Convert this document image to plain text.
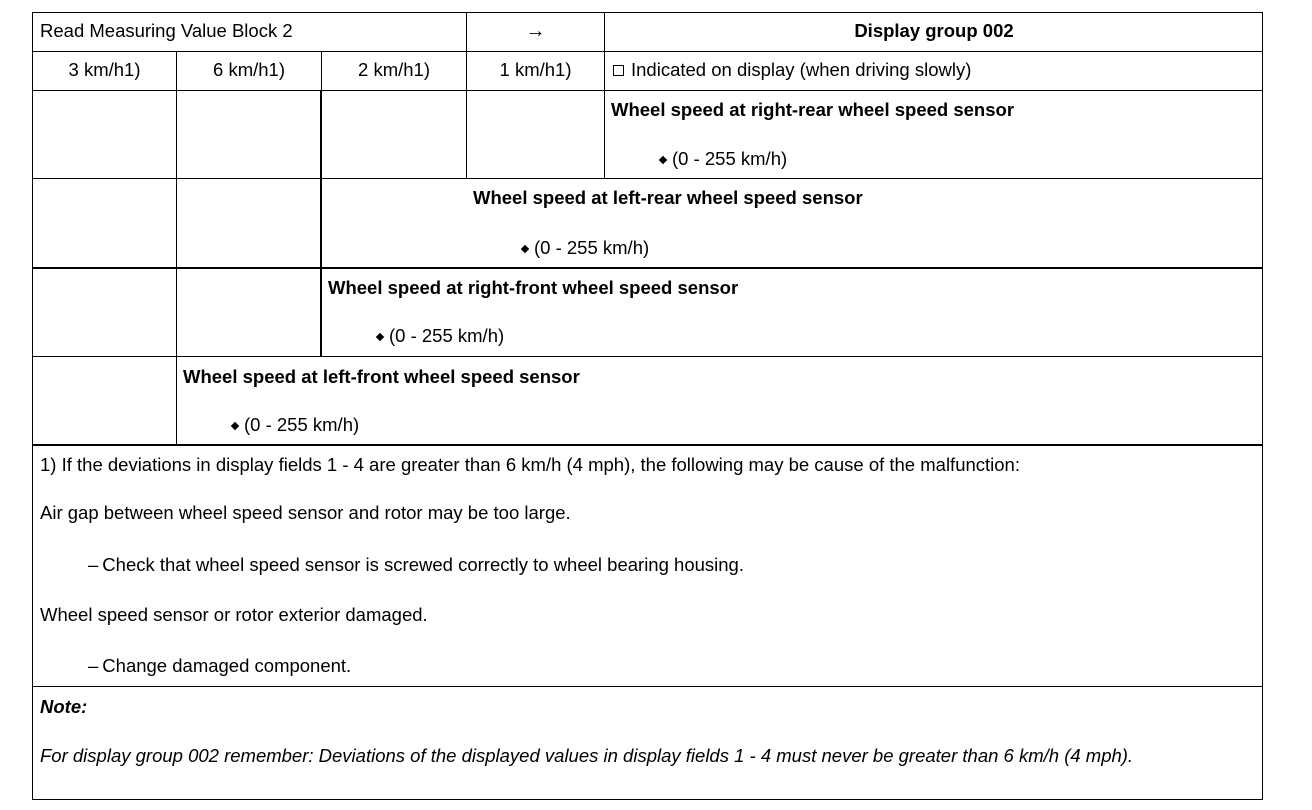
Read Measuring Value Block 2	→	Display group 002
3 km/h1)	6 km/h1)	2 km/h1)	1 km/h1)	Indicated on display (when driving slowly)
Wheel speed at right-rear wheel speed sensor
(0 - 255 km/h)
Wheel speed at left-rear wheel speed sensor
(0 - 255 km/h)
Wheel speed at right-front wheel speed sensor
(0 - 255 km/h)
Wheel speed at left-front wheel speed sensor
(0 - 255 km/h)
1) If the deviations in display fields 1 - 4 are greater than 6 km/h (4 mph), the following may be cause of the malfunction:
Air gap between wheel speed sensor and rotor may be too large.
– Check that wheel speed sensor is screwed correctly to wheel bearing housing.
Wheel speed sensor or rotor exterior damaged.
– Change damaged component.
Note:
For display group 002 remember: Deviations of the displayed values in display fields 1 - 4 must never be greater than 6 km/h (4 mph).
